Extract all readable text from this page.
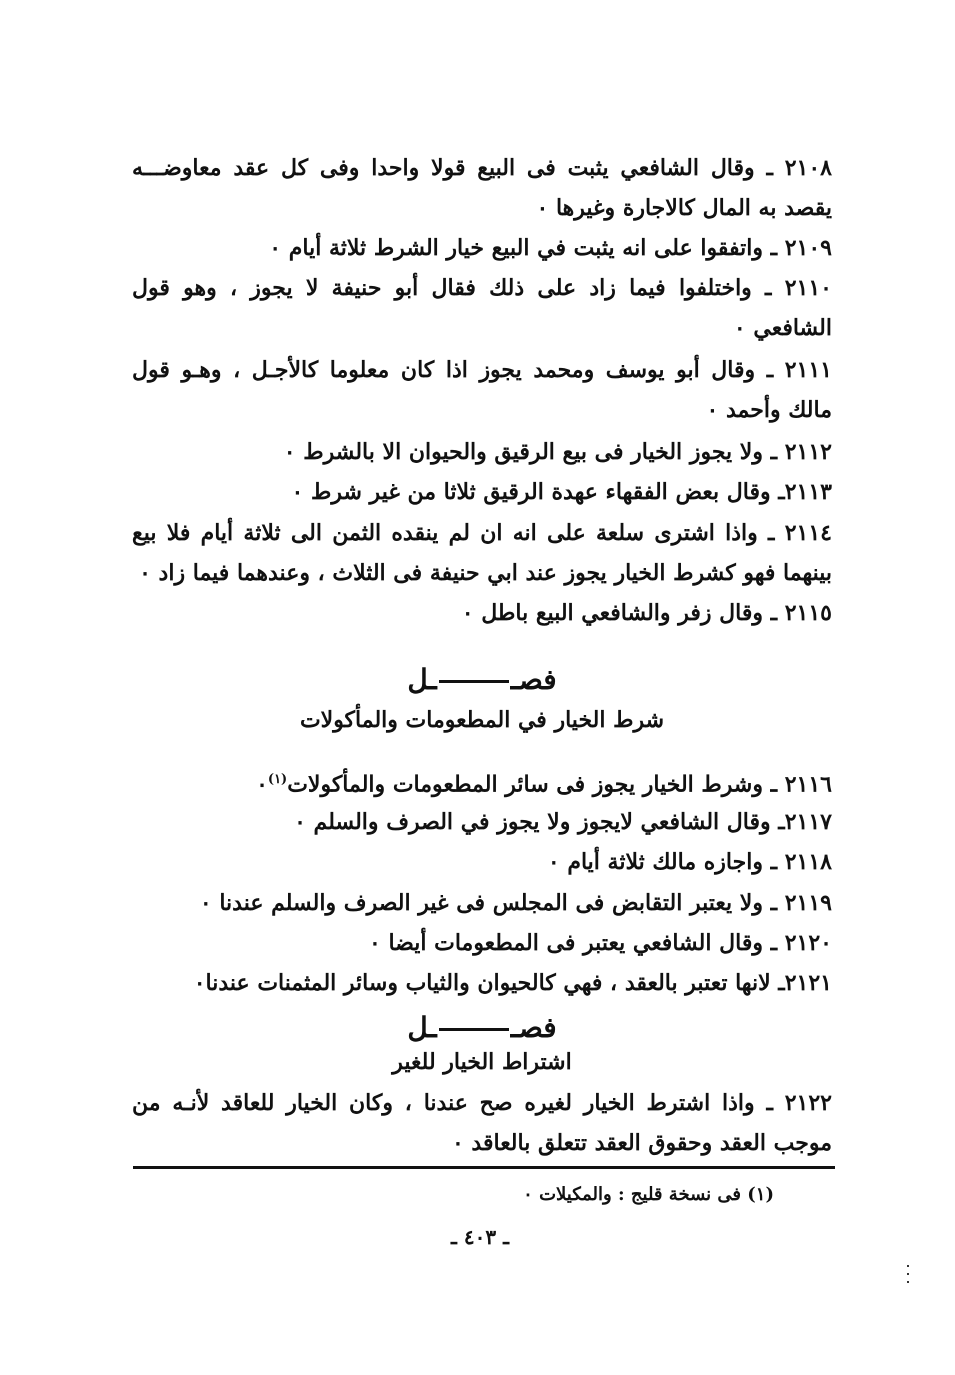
٢١٠٨ ـ وقال الشافعي يثبت فى البيع قولا واحدا وفى كل عقد معاوضـــه يقصد به المال كالاجارة وغيرها ٠

٢١٠٩ ـ واتفقوا على انه يثبت في البيع خيار الشرط ثلاثة أيام ٠

٢١١٠ ـ واختلفوا فيما زاد على ذلك فقال أبو حنيفة لا يجوز ، وهو قول الشافعي ٠

٢١١١ ـ وقال أبو يوسف ومحمد يجوز اذا كان معلوما كالأجـل ، وهـو قول مالك وأحمد ٠

٢١١٢ ـ ولا يجوز الخيار فى بيع الرقيق والحيوان الا بالشرط ٠

٢١١٣ـ وقال بعض الفقهاء عهدة الرقيق ثلاثا من غير شرط ٠

٢١١٤ ـ واذا اشترى سلعة على انه ان لم ينقده الثمن الى ثلاثة أيام فلا بيع بينهما فهو كشرط الخيار يجوز عند ابي حنيفة فى الثلاث ، وعندهما فيما زاد ٠

٢١١٥ ـ وقال زفر والشافعي البيع باطل ٠

فصــل
شرط الخيار في المطعومات والمأكولات

٢١١٦ ـ وشرط الخيار يجوز فى سائر المطعومات والمأكولات$^{(١)}$٠

٢١١٧ـ وقال الشافعي لايجوز ولا يجوز في الصرف والسلم ٠

٢١١٨ ـ واجازه مالك ثلاثة أيام ٠

٢١١٩ ـ ولا يعتبر التقابض فى المجلس فى غير الصرف والسلم عندنا ٠

٢١٢٠ ـ وقال الشافعي يعتبر فى المطعومات أيضا ٠

٢١٢١ـ لانها تعتبر بالعقد ، فهي كالحيوان والثياب وسائر المثمنات عندنا٠

فصــل
اشتراط الخيار للغير

٢١٢٢ ـ واذا اشترط الخيار لغيره صح عندنا ، وكان الخيار للعاقد لأنـه من موجب العقد وحقوق العقد تتعلق بالعاقد ٠

(١) فى نسخة قليج : والمكيلات ٠

ـ ٤٠٣ ـ
